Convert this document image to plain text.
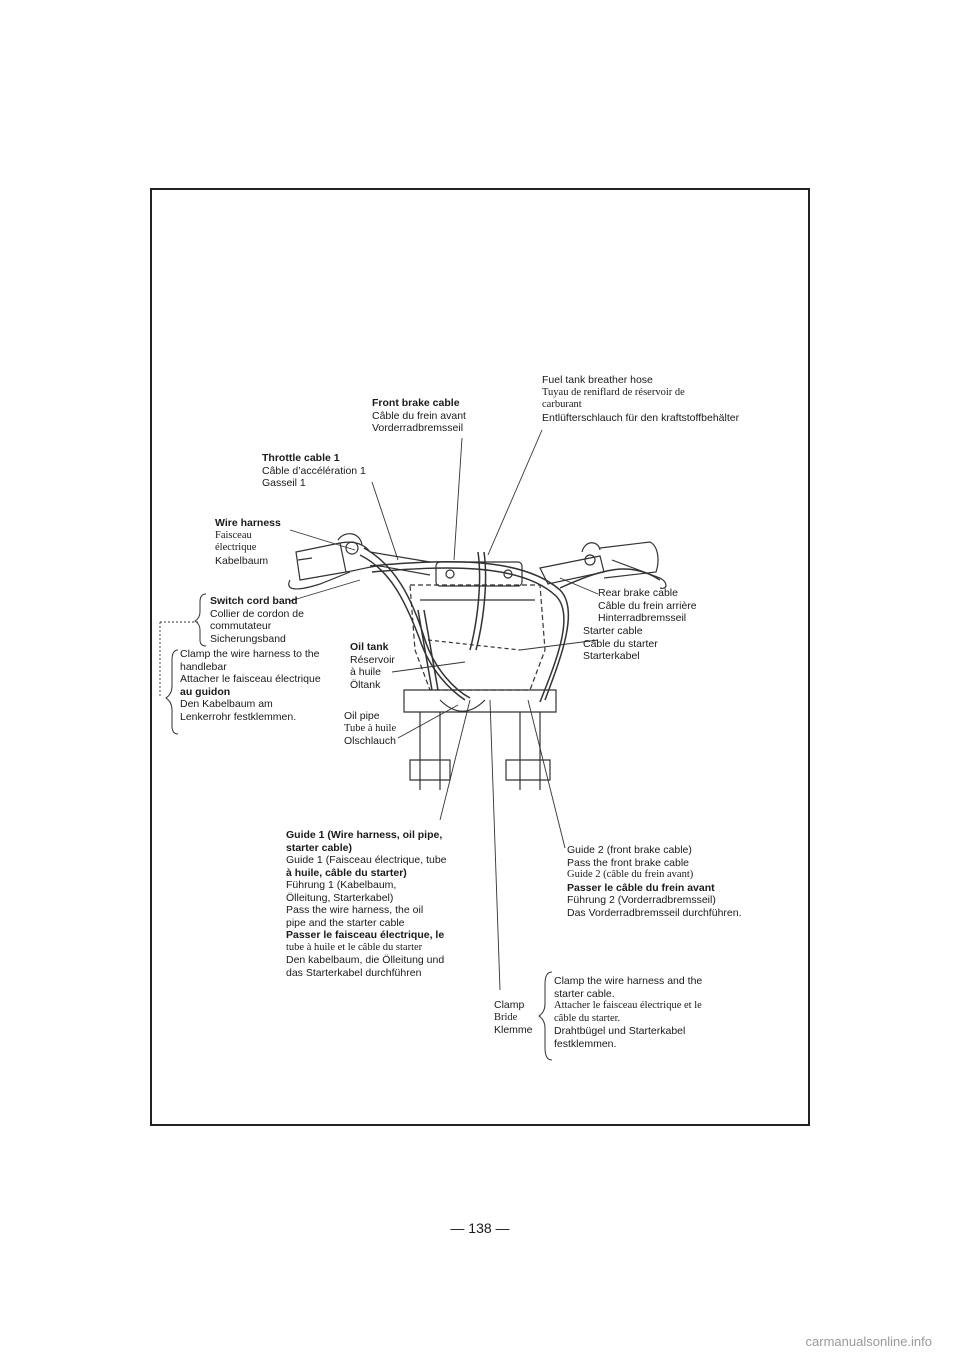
Fuel tank breather hose
Tuyau de reniflard de réservoir de
carburant
Entlüfterschlauch für den kraftstoffbehälter
Front brake cable
Câble du frein avant
Vorderradbremsseil
Throttle cable 1
Câble d’accélération 1
Gasseil 1
Wire harness
Faisceau
électrique
Kabelbaum
Switch cord band
Collier de cordon de
commutateur
Sicherungsband
Clamp the wire harness to the
handlebar
Attacher le faisceau électrique
au guidon
Den Kabelbaum am
Lenkerrohr festklemmen.
Oil tank
Réservoir
à huile
Öltank
Oil pipe
Tube à huile
Olschlauch
Rear brake cable
Câble du frein arrière
Hinterradbremsseil
Starter cable
Câble du starter
Starterkabel
Guide 1 (Wire harness, oil pipe,
starter cable)
Guide 1 (Faisceau électrique, tube
à huile, câble du starter)
Führung 1 (Kabelbaum,
Ölleitung, Starterkabel)
Pass the wire harness, the oil
pipe and the starter cable
Passer le faisceau électrique, le
tube à huile et le câble du starter
Den kabelbaum, die Ölleitung und
das Starterkabel durchführen
Guide 2 (front brake cable)
Pass the front brake cable
Guide 2 (câble du frein avant)
Passer le câble du frein avant
Führung 2 (Vorderradbremsseil)
Das Vorderradbremsseil durchführen.
Clamp
Bride
Klemme
Clamp the wire harness and the
starter cable.
Attacher le faisceau électrique et le
câble du starter.
Drahtbügel und Starterkabel
festklemmen.
— 138 —
carmanualsonline.info
